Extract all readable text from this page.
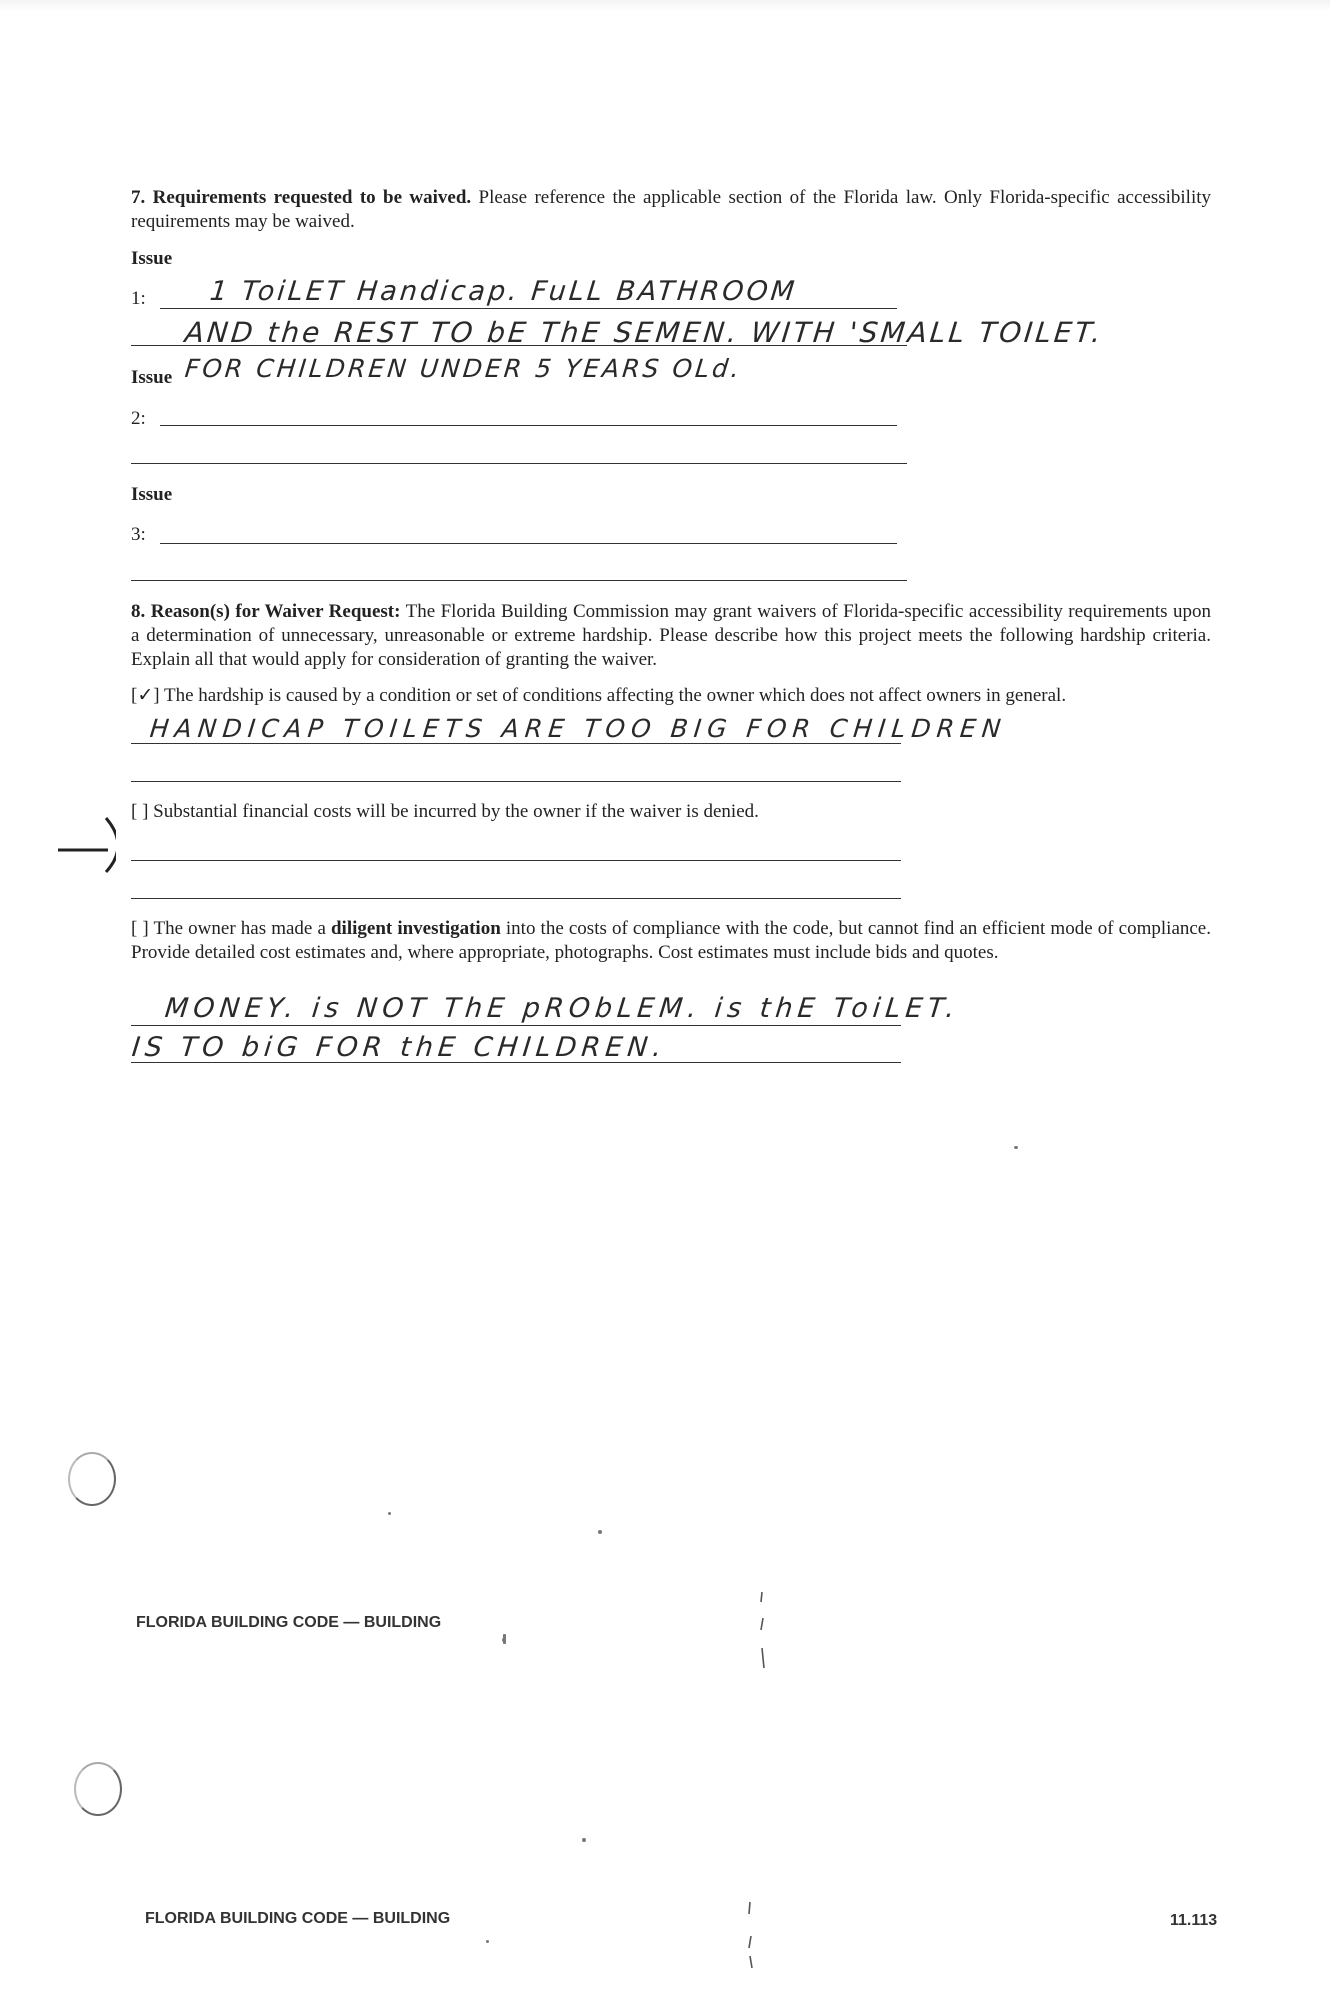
7. Requirements requested to be waived. Please reference the applicable section of the Florida law. Only Florida-specific accessibility requirements may be waived.
Issue
1: 1 ToiLET Handicap. FuLL BATHROOM
AND the REST TO bE ThE SEMEN. WITH 'SMALL TOILET.
Issue FOR CHILDREN UNDER 5 YEARS OLd.
2:
Issue
3:
8. Reason(s) for Waiver Request: The Florida Building Commission may grant waivers of Florida-specific accessibility requirements upon a determination of unnecessary, unreasonable or extreme hardship. Please describe how this project meets the following hardship criteria. Explain all that would apply for consideration of granting the waiver.
[✓] The hardship is caused by a condition or set of conditions affecting the owner which does not affect owners in general.
HANDICAP TOILETS ARE TOO BIG FOR CHILDREN
[ ] Substantial financial costs will be incurred by the owner if the waiver is denied.
[ ] The owner has made a diligent investigation into the costs of compliance with the code, but cannot find an efficient mode of compliance. Provide detailed cost estimates and, where appropriate, photographs. Cost estimates must include bids and quotes.
MONEY. is NOT ThE pRObLEM. is thE ToiLET.
IS TO biG FOR thE CHILDREN.
FLORIDA BUILDING CODE — BUILDING
FLORIDA BUILDING CODE — BUILDING	11.113
